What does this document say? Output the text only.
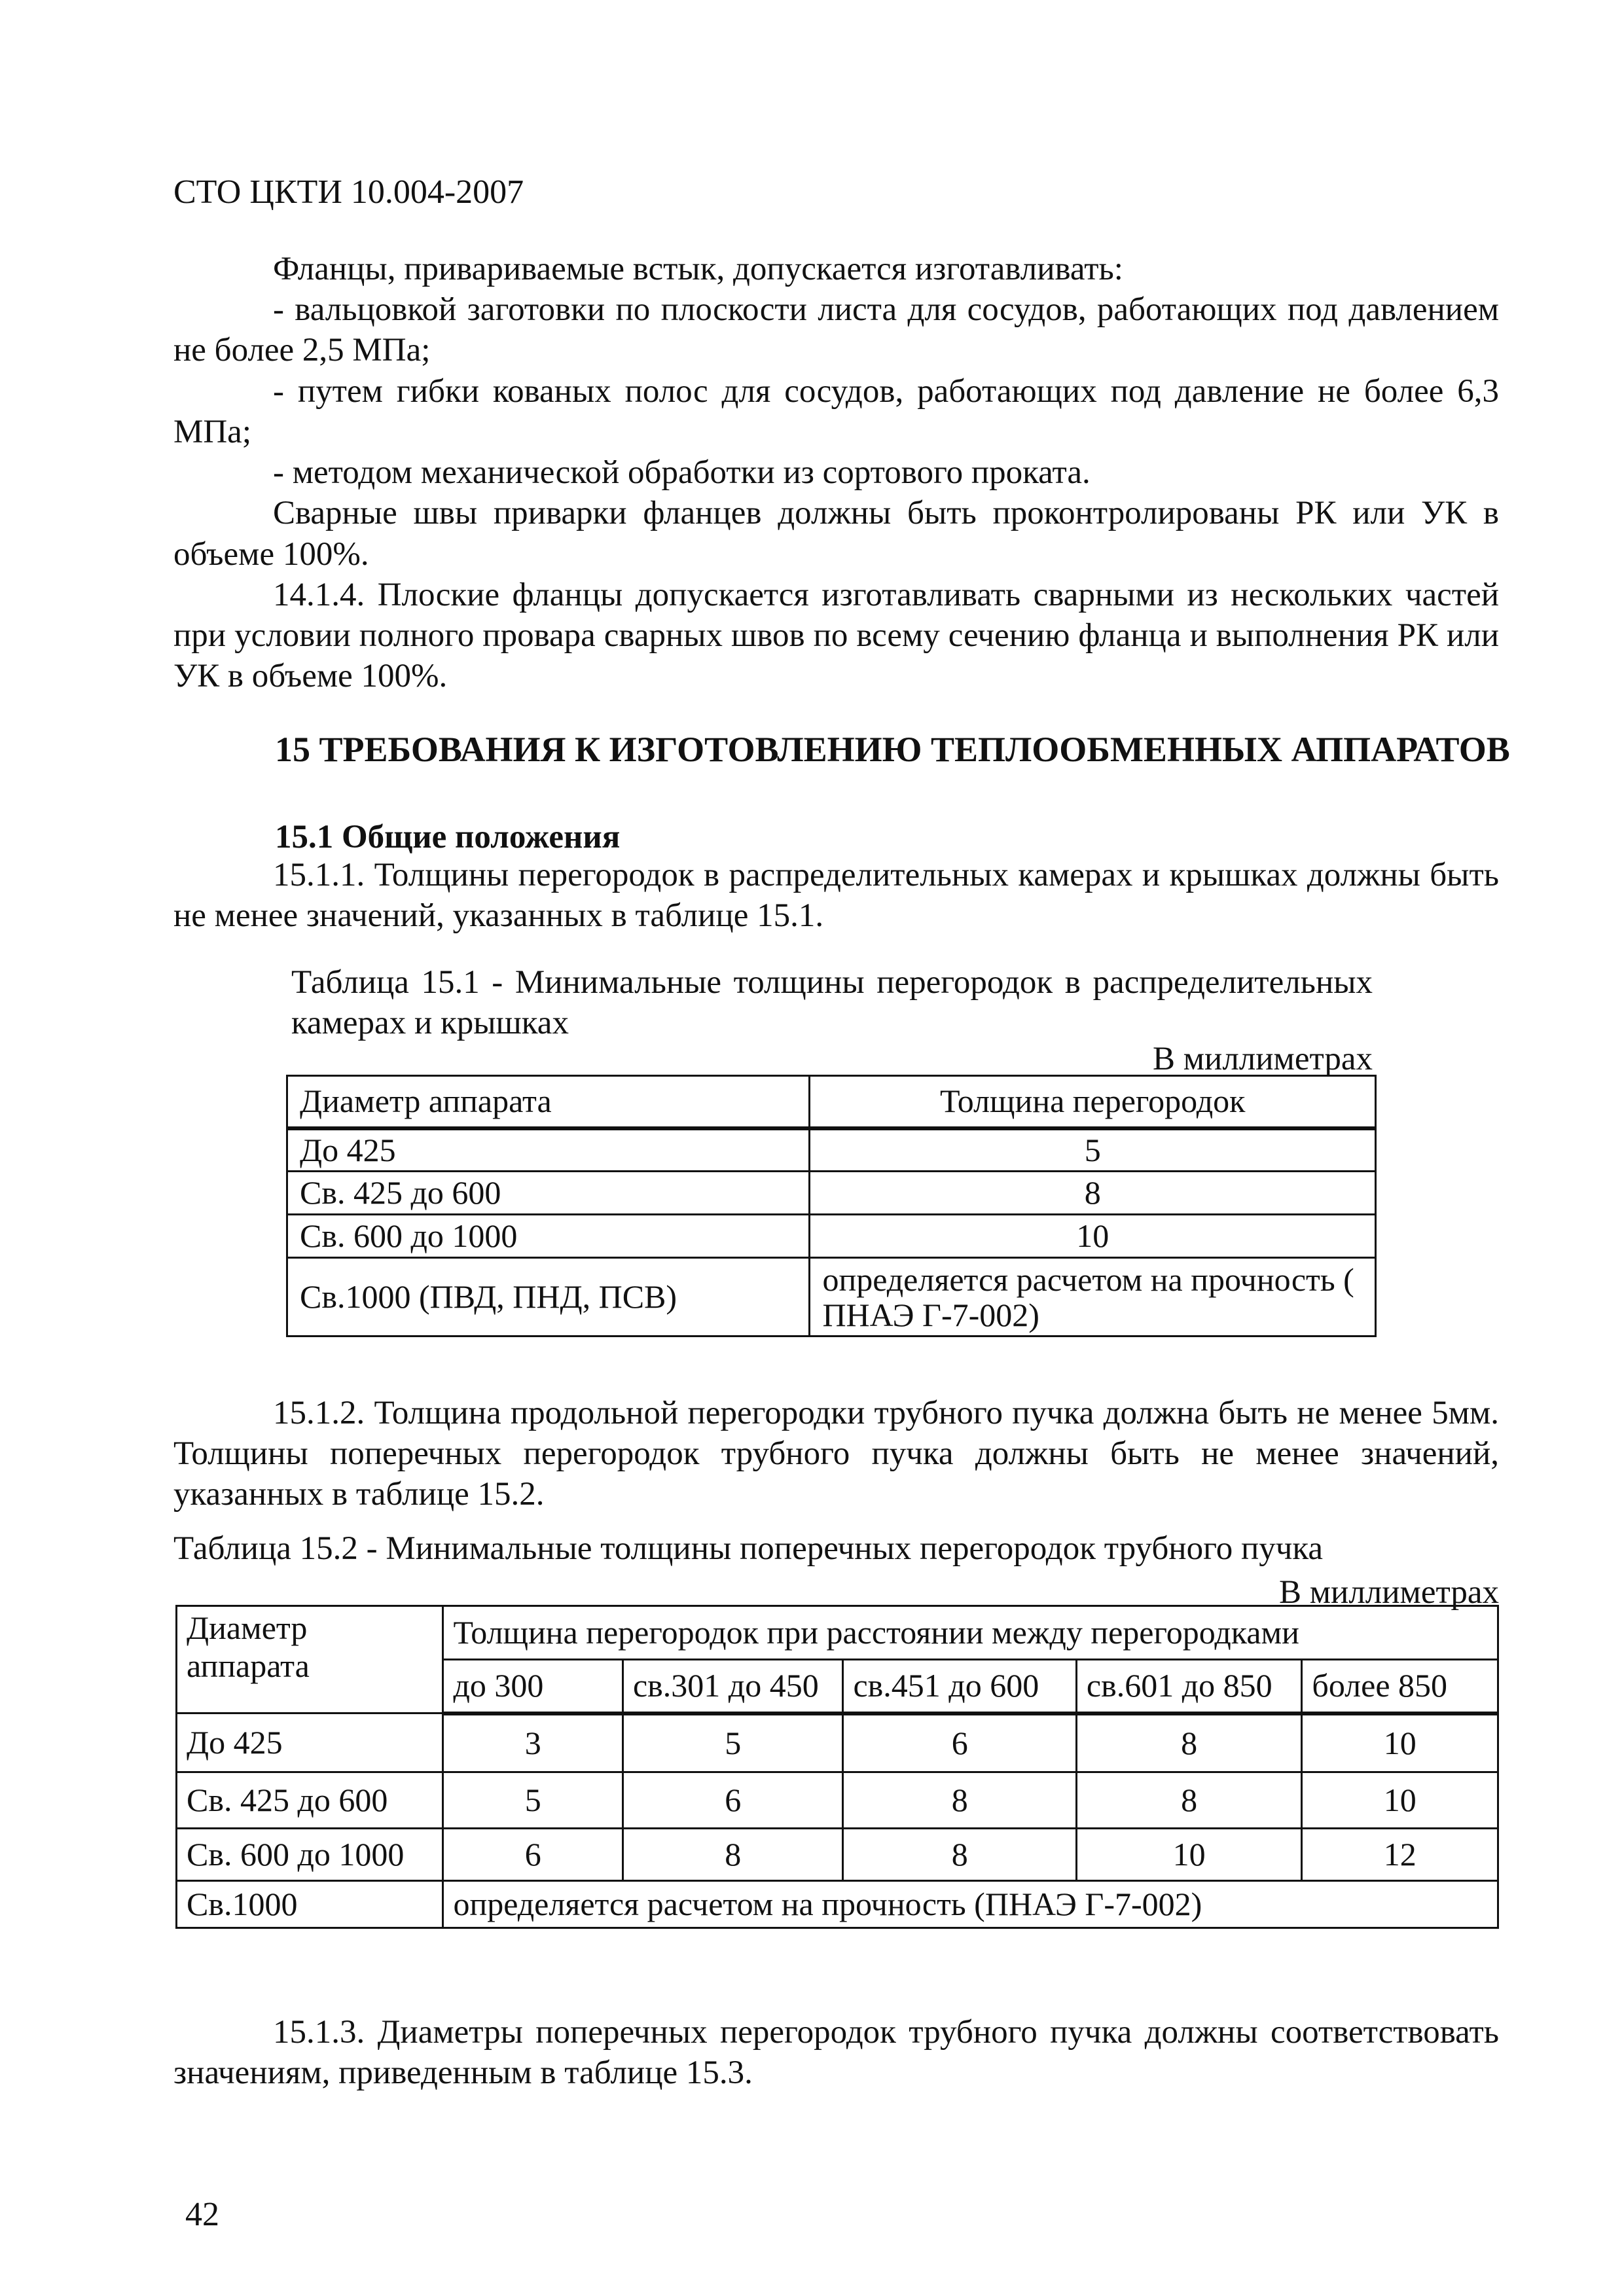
СТО ЦКТИ 10.004-2007

Фланцы, привариваемые встык, допускается изготавливать:

- вальцовкой заготовки по плоскости листа для сосудов, работающих под давлением не более 2,5 МПа;

- путем гибки кованых полос для сосудов, работающих под давление не более 6,3 МПа;

- методом механической обработки из сортового проката.

Сварные швы приварки фланцев должны быть проконтролированы РК или УК в объеме 100%.

14.1.4. Плоские фланцы допускается изготавливать сварными из нескольких частей при условии полного провара сварных швов по всему сечению фланца и выполнения РК или УК в объеме 100%.

15 ТРЕБОВАНИЯ К ИЗГОТОВЛЕНИЮ ТЕПЛООБМЕННЫХ АППАРАТОВ
15.1 Общие положения

15.1.1. Толщины перегородок в распределительных камерах и крышках должны быть не менее значений, указанных в таблице 15.1.

Таблица 15.1 - Минимальные толщины перегородок в распределительных камерах и крышках
В миллиметрах
Диаметр аппарата	Толщина перегородок
До 425	5
Св. 425 до 600	8
Св. 600 до 1000	10
Св.1000 (ПВД, ПНД, ПСВ)	определяется расчетом на прочность ( ПНАЭ Г-7-002)

15.1.2. Толщина продольной перегородки трубного пучка должна быть не менее 5мм. Толщины поперечных перегородок трубного пучка должны быть не менее значений, указанных в таблице 15.2.

Таблица 15.2 - Минимальные толщины поперечных перегородок трубного пучка
В миллиметрах
Диаметр аппарата	Толщина перегородок при расстоянии между перегородками				
	до 300	св.301 до 450	св.451 до 600	св.601 до 850	более 850
До 425	3	5	6	8	10
Св. 425 до 600	5	6	8	8	10
Св. 600 до 1000	6	8	8	10	12
Св.1000	определяется расчетом на прочность (ПНАЭ Г-7-002)				

15.1.3. Диаметры поперечных перегородок трубного пучка должны соответствовать значениям, приведенным в таблице 15.3.

42
